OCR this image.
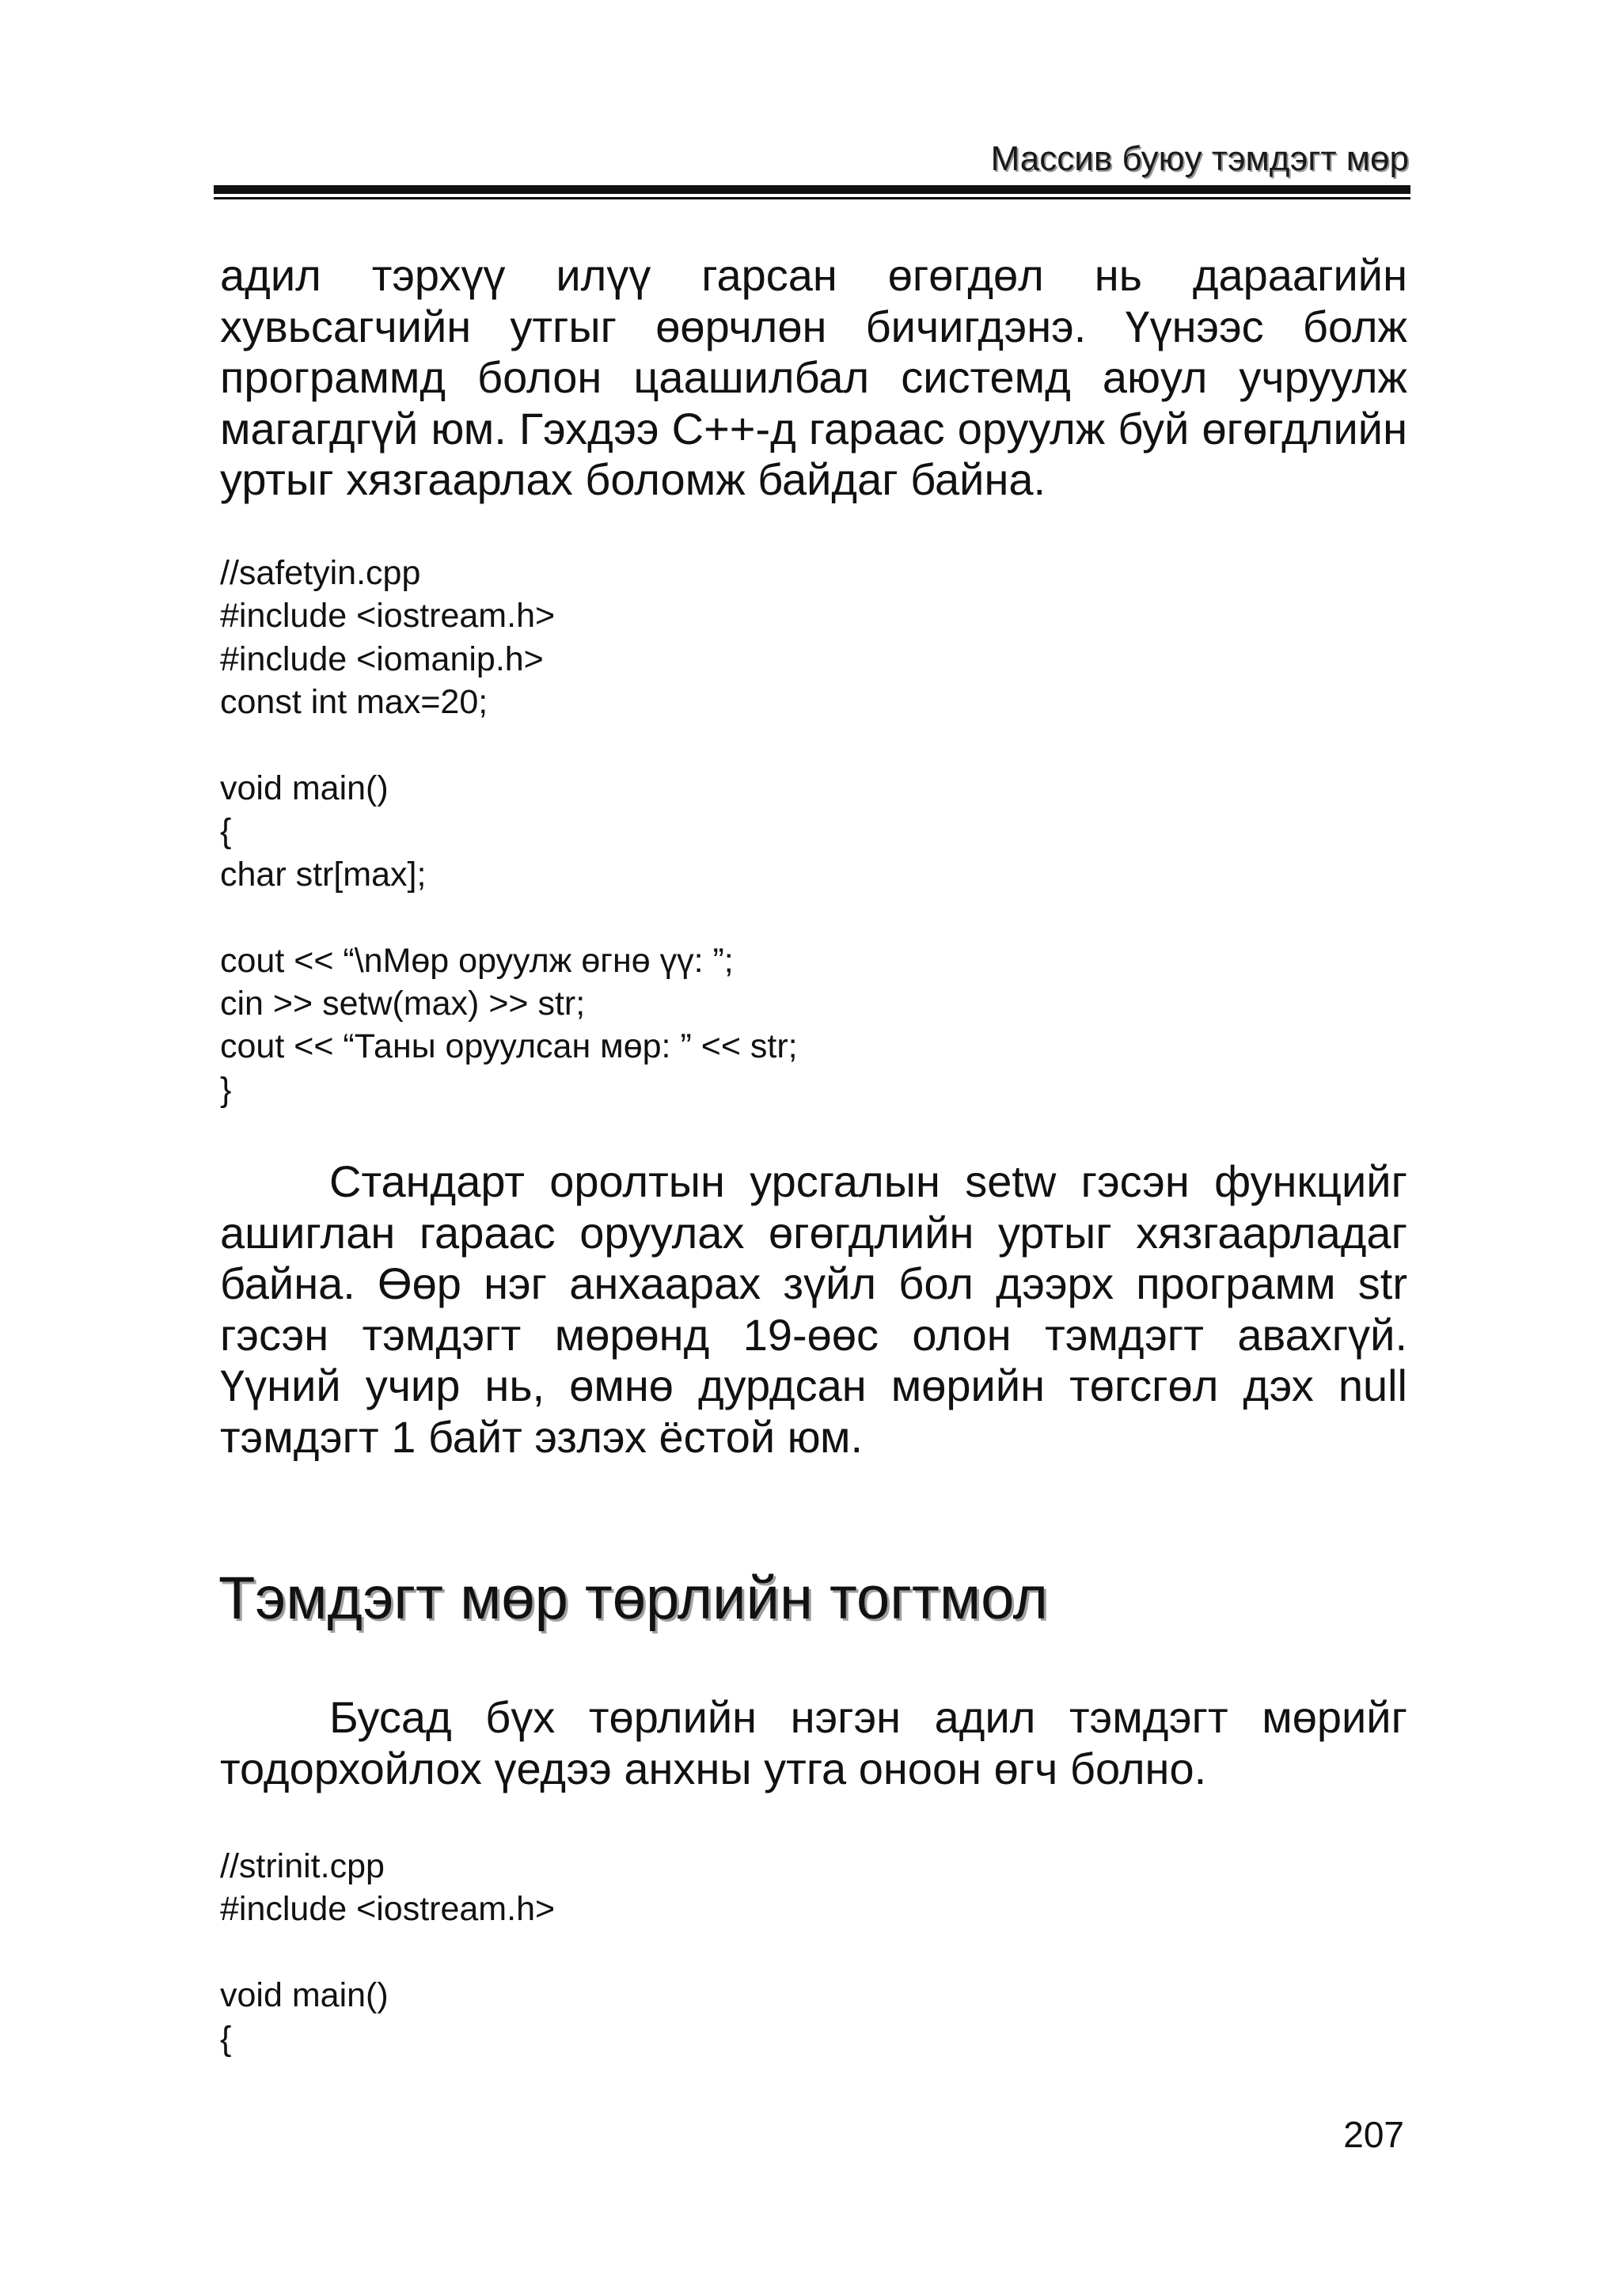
Массив буюу тэмдэгт мөр

адил тэрхүү илүү гарсан өгөгдөл нь дараагийн хувьсагчийн утгыг өөрчлөн бичигдэнэ. Үүнээс болж программд болон цаашилбал системд аюул учруулж магагдгүй юм. Гэхдээ С++-д гараас оруулж буй өгөгдлийн уртыг хязгаарлах боломж байдаг байна.

//safetyin.cpp
#include <iostream.h>
#include <iomanip.h>
const int max=20;

void main()
{
char str[max];

cout << “\nМөр оруулж өгнө үү: ”;
cin >> setw(max) >> str;
cout << “Таны оруулсан мөр: ” << str;
}

Стандарт оролтын урсгалын setw гэсэн функцийг ашиглан гараас оруулах өгөгдлийн уртыг хязгаарладаг байна. Өөр нэг анхаарах зүйл бол дээрх программ str гэсэн тэмдэгт мөрөнд 19-өөс олон тэмдэгт авахгүй. Үүний учир нь, өмнө дурдсан мөрийн төгсгөл дэх null тэмдэгт 1 байт эзлэх ёстой юм.

Тэмдэгт мөр төрлийн тогтмол

Бусад бүх төрлийн нэгэн адил тэмдэгт мөрийг тодорхойлох үедээ анхны утга оноон өгч болно.

//strinit.cpp
#include <iostream.h>

void main()
{
207
